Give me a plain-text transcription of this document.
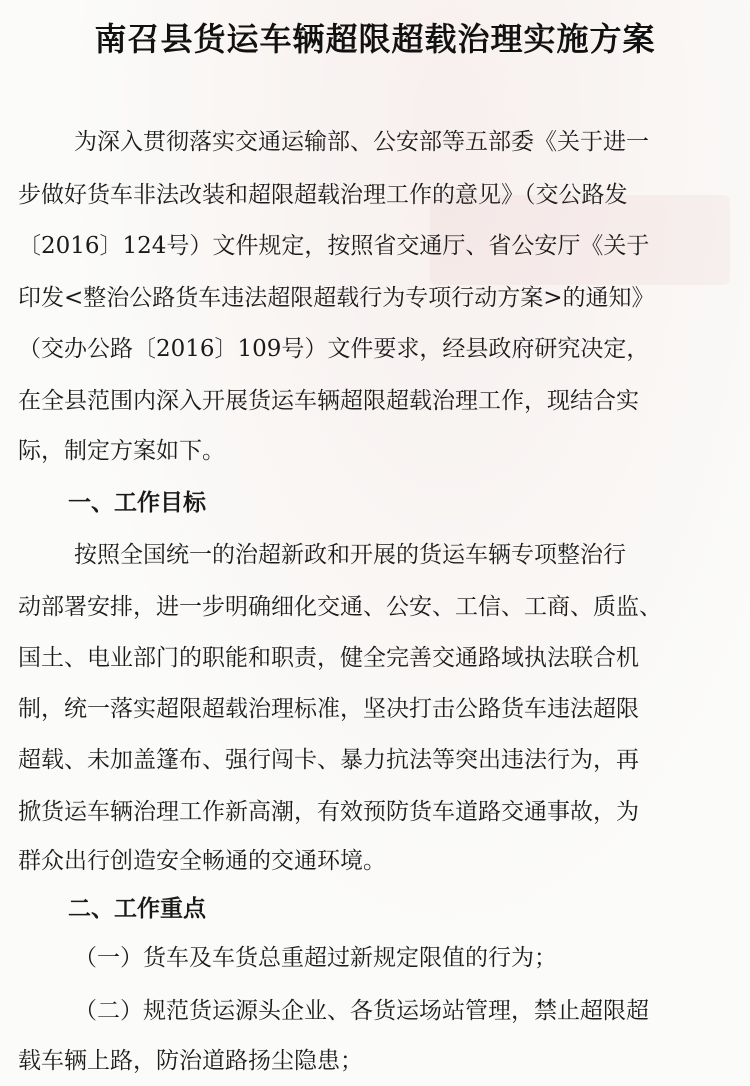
南召县货运车辆超限超载治理实施方案

为深入贯彻落实交通运输部、公安部等五部委《关于进一

步做好货车非法改装和超限超载治理工作的意见》（交公路发

〔2016〕124号）文件规定，按照省交通厅、省公安厅《关于

印发<整治公路货车违法超限超载行为专项行动方案>的通知》

（交办公路〔2016〕109号）文件要求，经县政府研究决定，

在全县范围内深入开展货运车辆超限超载治理工作，现结合实

际，制定方案如下。

一、工作目标

按照全国统一的治超新政和开展的货运车辆专项整治行

动部署安排，进一步明确细化交通、公安、工信、工商、质监、

国土、电业部门的职能和职责，健全完善交通路域执法联合机

制，统一落实超限超载治理标准，坚决打击公路货车违法超限

超载、未加盖篷布、强行闯卡、暴力抗法等突出违法行为，再

掀货运车辆治理工作新高潮，有效预防货车道路交通事故，为

群众出行创造安全畅通的交通环境。

二、工作重点

（一）货车及车货总重超过新规定限值的行为；

（二）规范货运源头企业、各货运场站管理，禁止超限超

载车辆上路，防治道路扬尘隐患；
